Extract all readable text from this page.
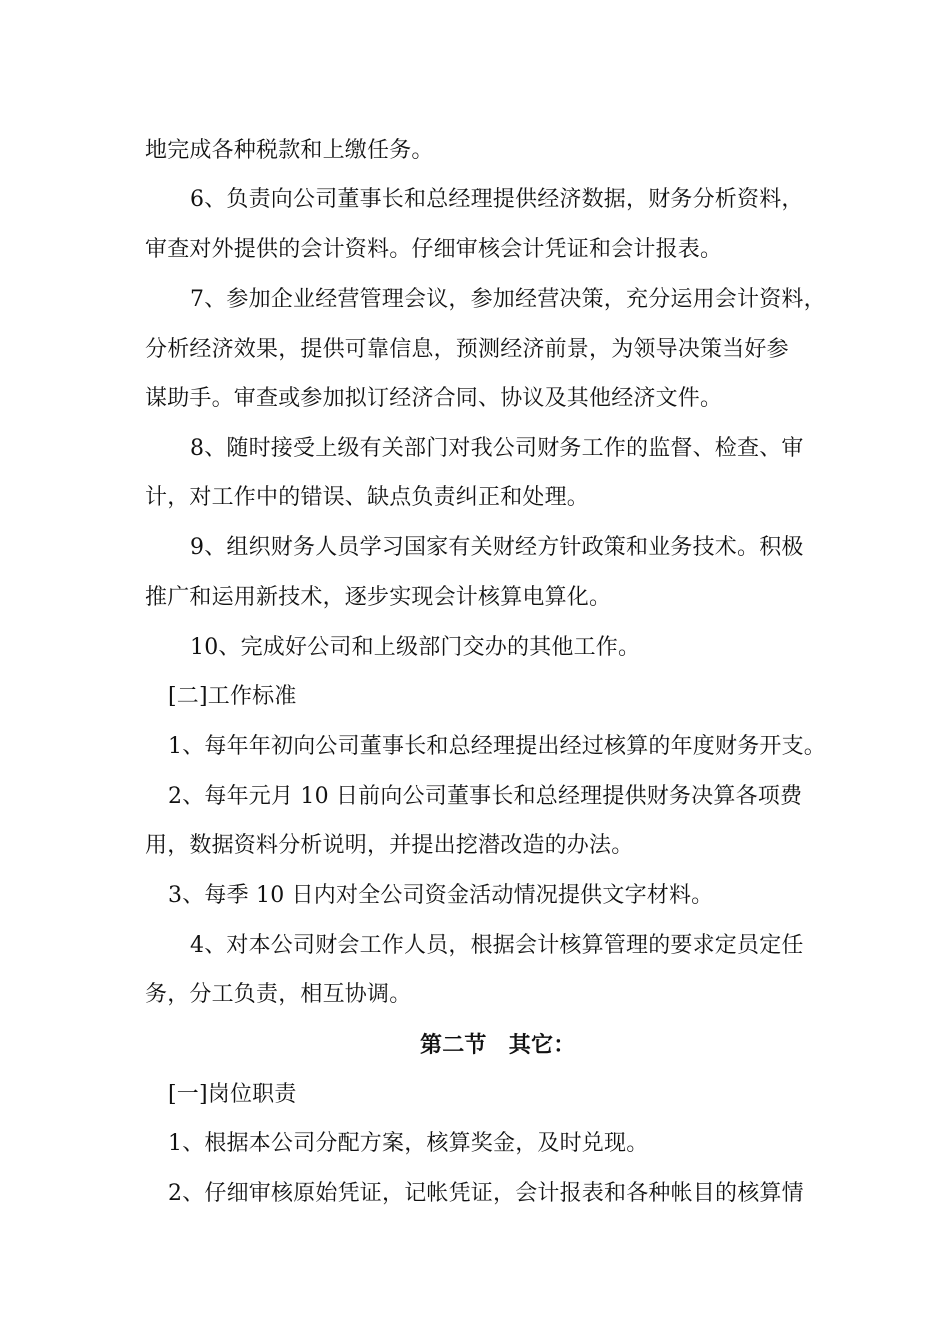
地完成各种税款和上缴任务。
6、负责向公司董事长和总经理提供经济数据，财务分析资料，
审查对外提供的会计资料。仔细审核会计凭证和会计报表。
7、参加企业经营管理会议，参加经营决策，充分运用会计资料，
分析经济效果，提供可靠信息，预测经济前景，为领导决策当好参
谋助手。审查或参加拟订经济合同、协议及其他经济文件。
8、随时接受上级有关部门对我公司财务工作的监督、检查、审
计，对工作中的错误、缺点负责纠正和处理。
9、组织财务人员学习国家有关财经方针政策和业务技术。积极
推广和运用新技术，逐步实现会计核算电算化。
10、完成好公司和上级部门交办的其他工作。
[二]工作标准
1、每年年初向公司董事长和总经理提出经过核算的年度财务开支。
2、每年元月 10 日前向公司董事长和总经理提供财务决算各项费
用，数据资料分析说明，并提出挖潜改造的办法。
3、每季 10 日内对全公司资金活动情况提供文字材料。
4、对本公司财会工作人员，根据会计核算管理的要求定员定任
务，分工负责，相互协调。
第二节　其它：
[一]岗位职责
1、根据本公司分配方案，核算奖金，及时兑现。
2、仔细审核原始凭证，记帐凭证，会计报表和各种帐目的核算情
